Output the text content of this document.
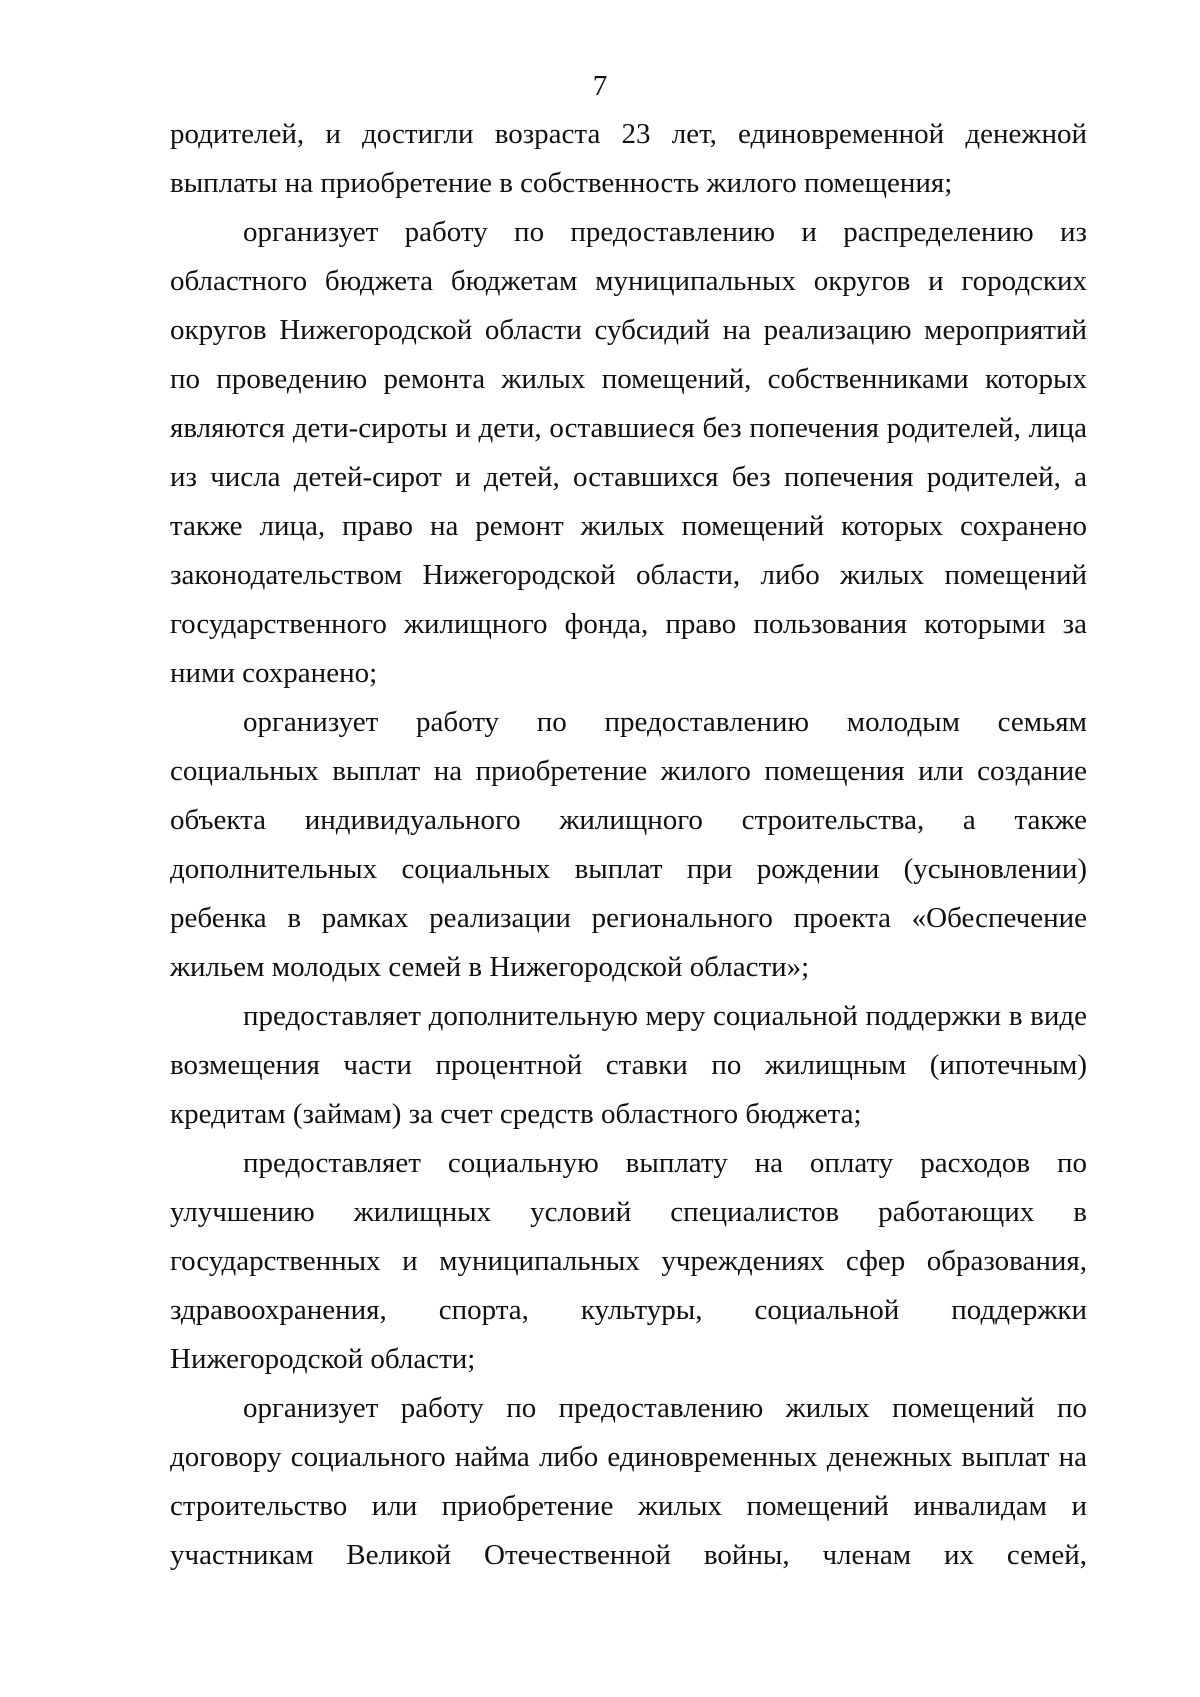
7

родителей, и достигли возраста 23 лет, единовременной денежной выплаты на приобретение в собственность жилого помещения;

организует работу по предоставлению и распределению из областного бюджета бюджетам муниципальных округов и городских округов Нижегородской области субсидий на реализацию мероприятий по проведению ремонта жилых помещений, собственниками которых являются дети-сироты и дети, оставшиеся без попечения родителей, лица из числа детей-сирот и детей, оставшихся без попечения родителей, а также лица, право на ремонт жилых помещений которых сохранено законодательством Нижегородской области, либо жилых помещений государственного жилищного фонда, право пользования которыми за ними сохранено;

организует работу по предоставлению молодым семьям социальных выплат на приобретение жилого помещения или создание объекта индивидуального жилищного строительства, а также дополнительных социальных выплат при рождении (усыновлении) ребенка в рамках реализации регионального проекта «Обеспечение жильем молодых семей в Нижегородской области»;

предоставляет дополнительную меру социальной поддержки в виде возмещения части процентной ставки по жилищным (ипотечным) кредитам (займам) за счет средств областного бюджета;

предоставляет социальную выплату на оплату расходов по улучшению жилищных условий специалистов работающих в государственных и муниципальных учреждениях сфер образования, здравоохранения, спорта, культуры, социальной поддержки Нижегородской области;

организует работу по предоставлению жилых помещений по договору социального найма либо единовременных денежных выплат на строительство или приобретение жилых помещений инвалидам и участникам Великой Отечественной войны, членам их семей,
